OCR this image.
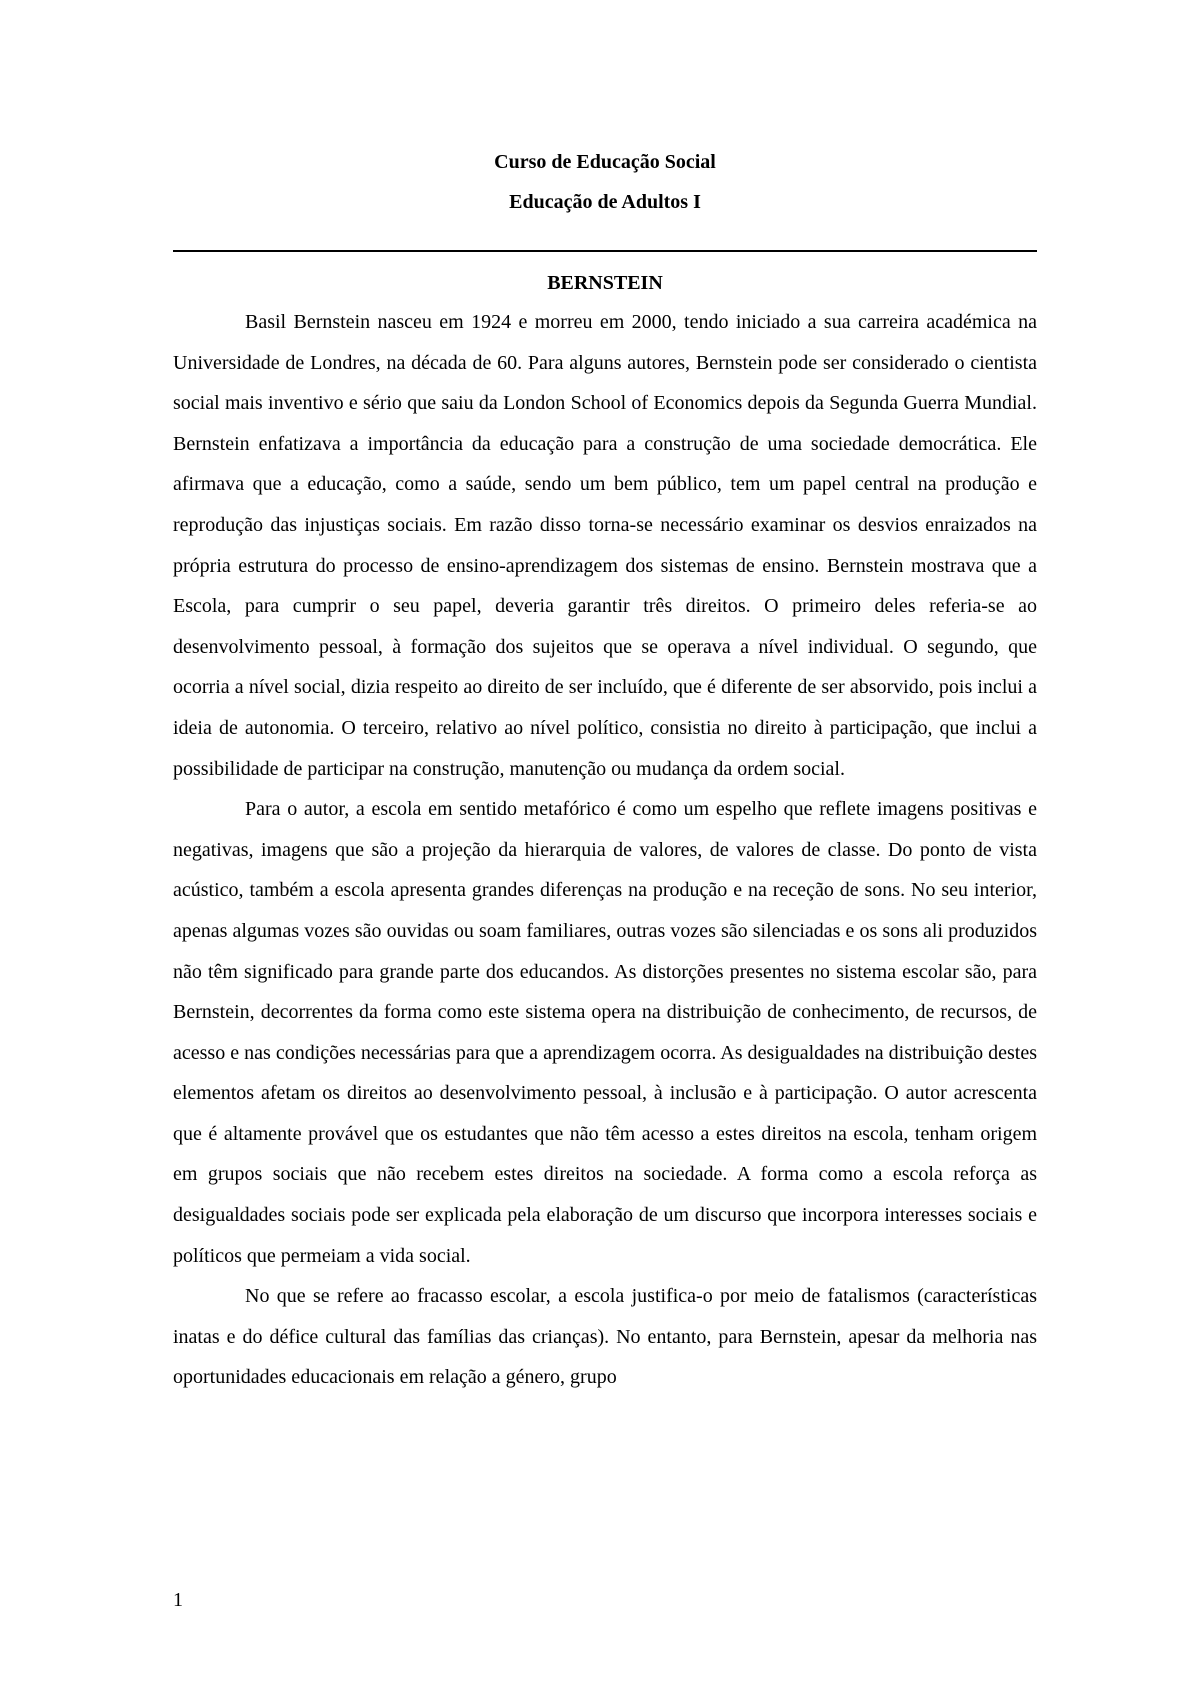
Curso de Educação Social

Educação de Adultos I

BERNSTEIN

Basil Bernstein nasceu em 1924 e morreu em 2000, tendo iniciado a sua carreira académica na Universidade de Londres, na década de 60. Para alguns autores, Bernstein pode ser considerado o cientista social mais inventivo e sério que saiu da London School of Economics depois da Segunda Guerra Mundial. Bernstein enfatizava a importância da educação para a construção de uma sociedade democrática. Ele afirmava que a educação, como a saúde, sendo um bem público, tem um papel central na produção e reprodução das injustiças sociais. Em razão disso torna-se necessário examinar os desvios enraizados na própria estrutura do processo de ensino-aprendizagem dos sistemas de ensino. Bernstein mostrava que a Escola, para cumprir o seu papel, deveria garantir três direitos. O primeiro deles referia-se ao desenvolvimento pessoal, à formação dos sujeitos que se operava a nível individual. O segundo, que ocorria a nível social, dizia respeito ao direito de ser incluído, que é diferente de ser absorvido, pois inclui a ideia de autonomia. O terceiro, relativo ao nível político, consistia no direito à participação, que inclui a possibilidade de participar na construção, manutenção ou mudança da ordem social.

Para o autor, a escola em sentido metafórico é como um espelho que reflete imagens positivas e negativas, imagens que são a projeção da hierarquia de valores, de valores de classe. Do ponto de vista acústico, também a escola apresenta grandes diferenças na produção e na receção de sons. No seu interior, apenas algumas vozes são ouvidas ou soam familiares, outras vozes são silenciadas e os sons ali produzidos não têm significado para grande parte dos educandos. As distorções presentes no sistema escolar são, para Bernstein, decorrentes da forma como este sistema opera na distribuição de conhecimento, de recursos, de acesso e nas condições necessárias para que a aprendizagem ocorra. As desigualdades na distribuição destes elementos afetam os direitos ao desenvolvimento pessoal, à inclusão e à participação. O autor acrescenta que é altamente provável que os estudantes que não têm acesso a estes direitos na escola, tenham origem em grupos sociais que não recebem estes direitos na sociedade. A forma como a escola reforça as desigualdades sociais pode ser explicada pela elaboração de um discurso que incorpora interesses sociais e políticos que permeiam a vida social.

No que se refere ao fracasso escolar, a escola justifica-o por meio de fatalismos (características inatas e do défice cultural das famílias das crianças). No entanto, para Bernstein, apesar da melhoria nas oportunidades educacionais em relação a género, grupo

1
